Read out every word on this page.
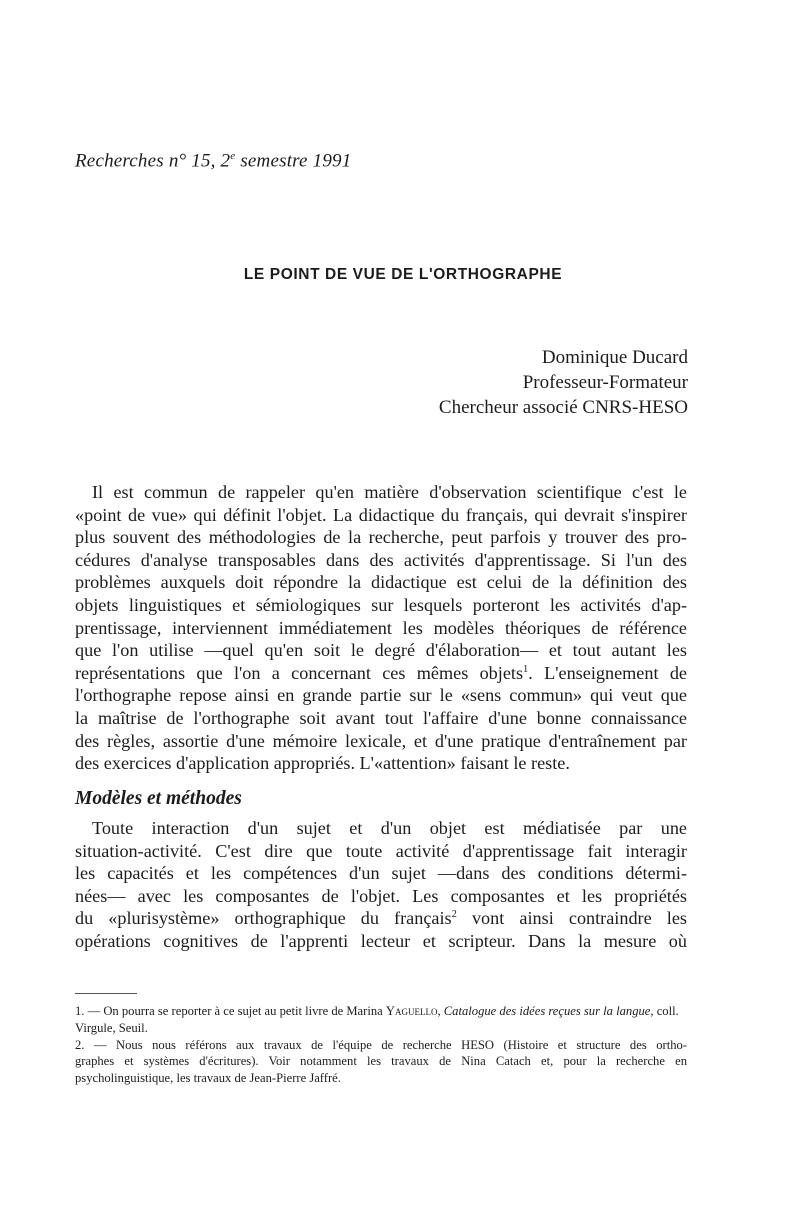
Recherches n° 15, 2e semestre 1991
LE POINT DE VUE DE L'ORTHOGRAPHE
Dominique Ducard
Professeur-Formateur
Chercheur associé CNRS-HESO
Il est commun de rappeler qu'en matière d'observation scientifique c'est le
«point de vue» qui définit l'objet. La didactique du français, qui devrait s'inspirer
plus souvent des méthodologies de la recherche, peut parfois y trouver des pro-
cédures d'analyse transposables dans des activités d'apprentissage. Si l'un des
problèmes auxquels doit répondre la didactique est celui de la définition des
objets linguistiques et sémiologiques sur lesquels porteront les activités d'ap-
prentissage, interviennent immédiatement les modèles théoriques de référence
que l'on utilise —quel qu'en soit le degré d'élaboration— et tout autant les
représentations que l'on a concernant ces mêmes objets$^1$. L'enseignement de
l'orthographe repose ainsi en grande partie sur le «sens commun» qui veut que
la maîtrise de l'orthographe soit avant tout l'affaire d'une bonne connaissance
des règles, assortie d'une mémoire lexicale, et d'une pratique d'entraînement par
des exercices d'application appropriés. L'«attention» faisant le reste.
Modèles et méthodes
Toute interaction d'un sujet et d'un objet est médiatisée par une
situation-activité. C'est dire que toute activité d'apprentissage fait interagir
les capacités et les compétences d'un sujet —dans des conditions détermi-
nées— avec les composantes de l'objet. Les composantes et les propriétés
du «plurisystème» orthographique du français$^2$ vont ainsi contraindre les
opérations cognitives de l'apprenti lecteur et scripteur. Dans la mesure où
1. — On pourra se reporter à ce sujet au petit livre de Marina Yaguello, Catalogue des idées reçues sur la langue, coll. Virgule, Seuil.
2. — Nous nous référons aux travaux de l'équipe de recherche HESO (Histoire et structure des ortho-
graphes et systèmes d'écritures). Voir notamment les travaux de Nina Catach et, pour la recherche en
psycholinguistique, les travaux de Jean-Pierre Jaffré.
